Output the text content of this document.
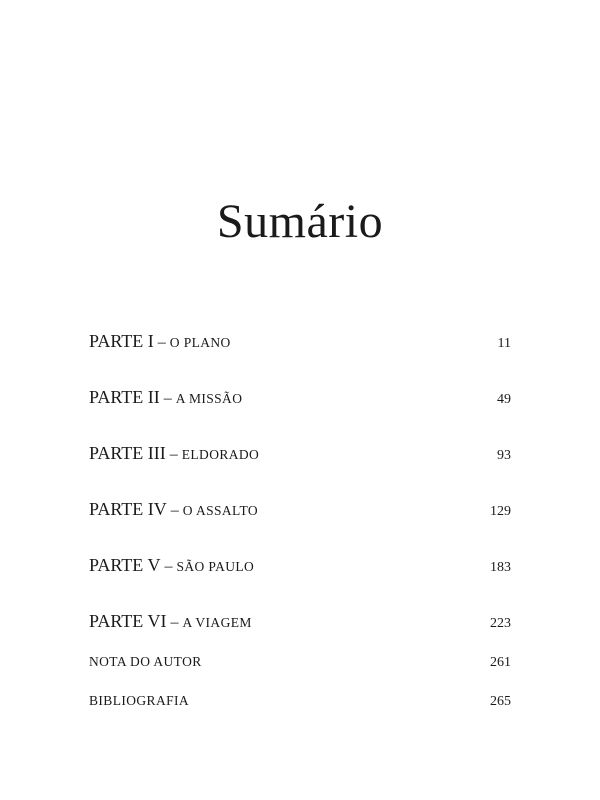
Sumário
PARTE I – O PLANO	11
PARTE II – A MISSÃO	49
PARTE III – ELDORADO	93
PARTE IV – O ASSALTO	129
PARTE V – SÃO PAULO	183
PARTE VI – A VIAGEM	223
NOTA DO AUTOR	261
BIBLIOGRAFIA	265
